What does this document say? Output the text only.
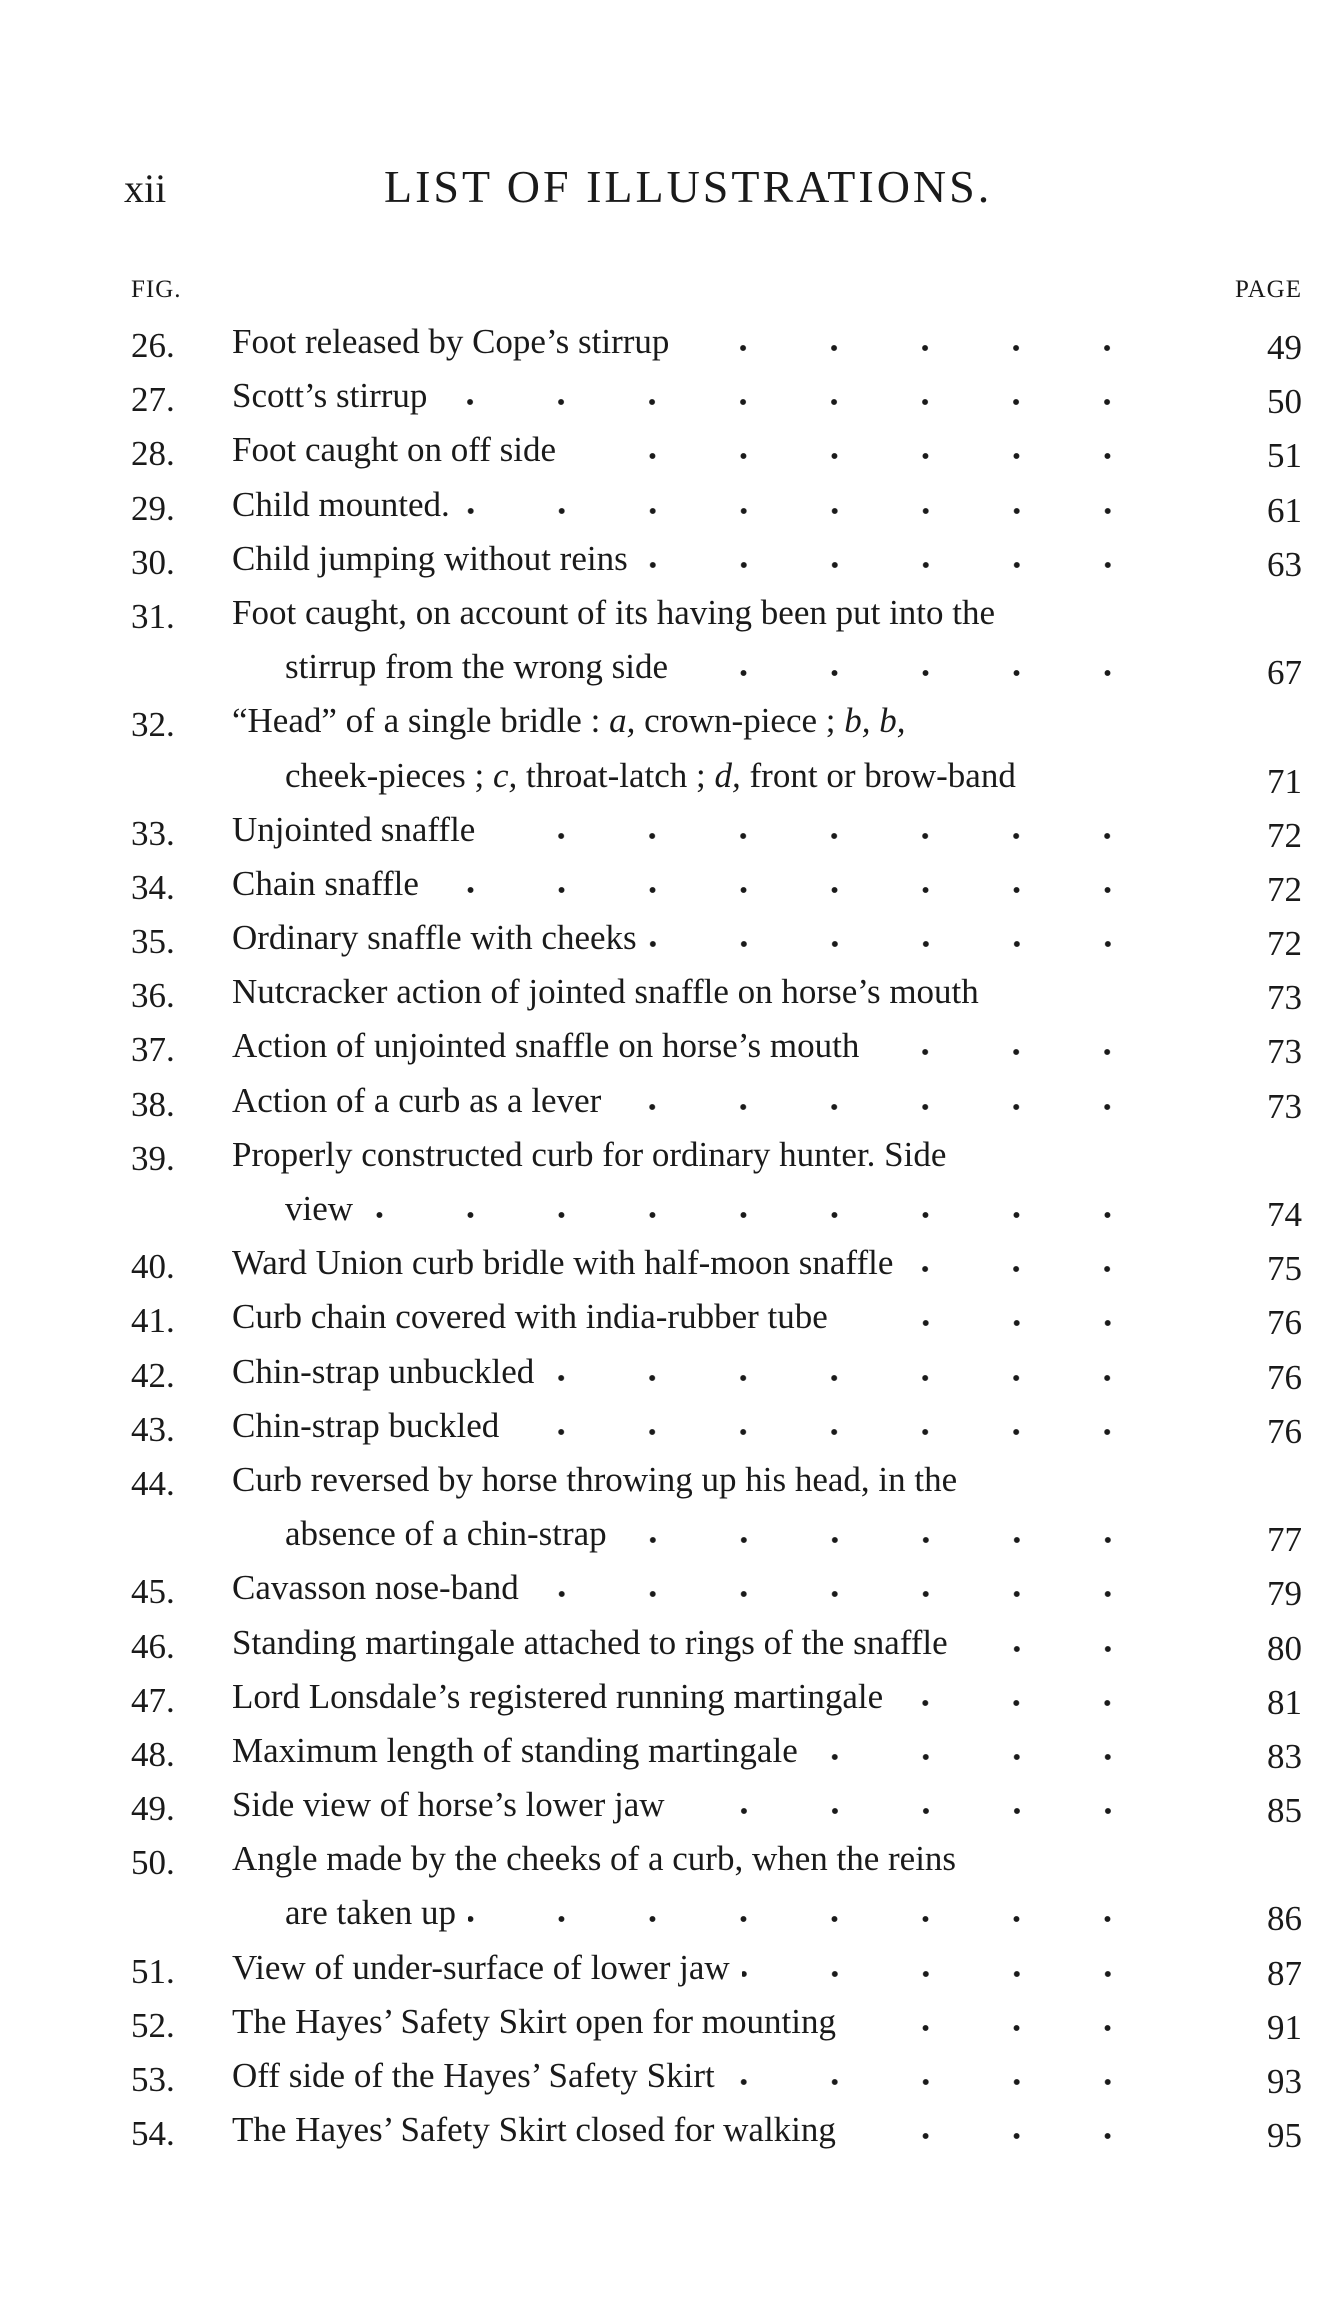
xii	LIST OF ILLUSTRATIONS.
FIG.	PAGE
26. Foot released by Cope’s stirrup	49
27. Scott’s stirrup	50
28. Foot caught on off side	51
29. Child mounted.	61
30. Child jumping without reins	63
31. Foot caught, on account of its having been put into the
stirrup from the wrong side	67
32. “Head” of a single bridle : a, crown-piece ; b, b,
cheek-pieces ; c, throat-latch ; d, front or brow-band	71
33. Unjointed snaffle	72
34. Chain snaffle	72
35. Ordinary snaffle with cheeks	72
36. Nutcracker action of jointed snaffle on horse’s mouth	73
37. Action of unjointed snaffle on horse’s mouth	73
38. Action of a curb as a lever	73
39. Properly constructed curb for ordinary hunter. Side
view	74
40. Ward Union curb bridle with half-moon snaffle	75
41. Curb chain covered with india-rubber tube	76
42. Chin-strap unbuckled	76
43. Chin-strap buckled	76
44. Curb reversed by horse throwing up his head, in the
absence of a chin-strap	77
45. Cavasson nose-band	79
46. Standing martingale attached to rings of the snaffle	80
47. Lord Lonsdale’s registered running martingale	81
48. Maximum length of standing martingale	83
49. Side view of horse’s lower jaw	85
50. Angle made by the cheeks of a curb, when the reins
are taken up	86
51. View of under-surface of lower jaw	87
52. The Hayes’ Safety Skirt open for mounting	91
53. Off side of the Hayes’ Safety Skirt	93
54. The Hayes’ Safety Skirt closed for walking	95
